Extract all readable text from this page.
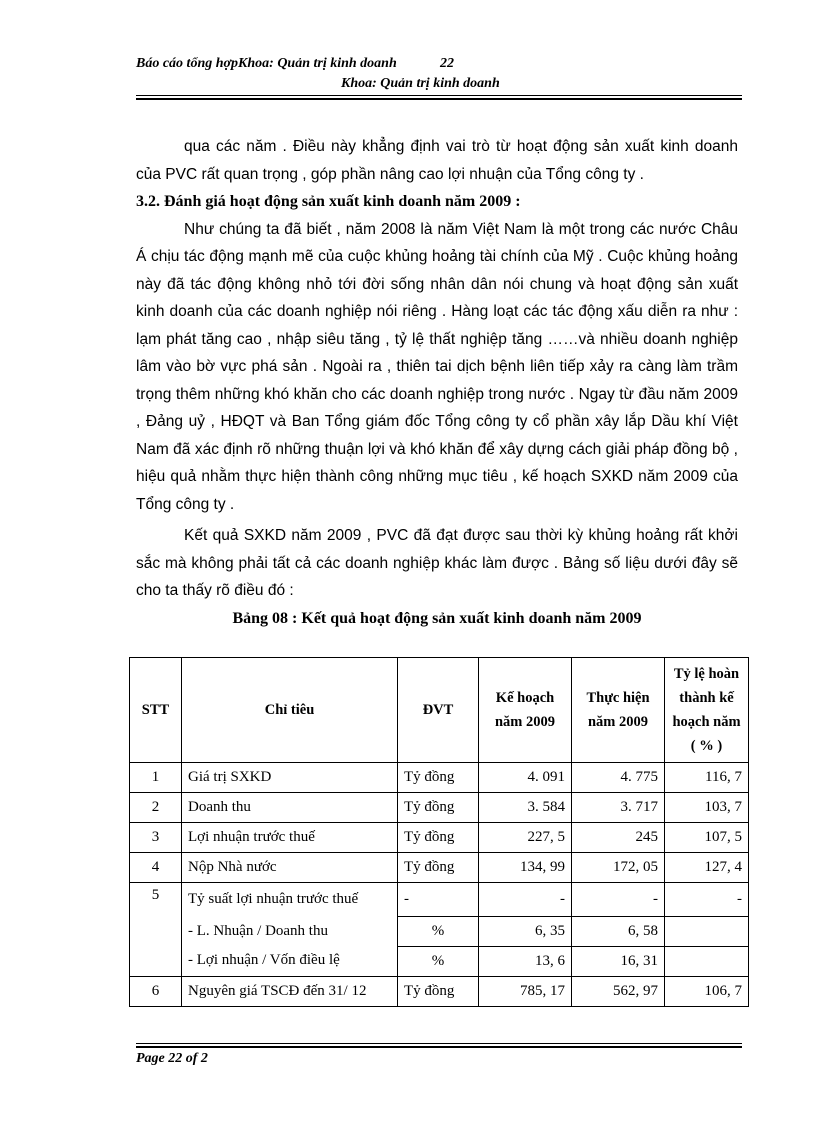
Báo cáo tổng hợpKhoa: Quản trị kinh doanh	22
Khoa: Quản trị kinh doanh

qua các năm . Điều này khẳng định vai trò từ hoạt động sản xuất kinh doanh của PVC rất quan trọng , góp phần nâng cao lợi nhuận của Tổng công ty .

3.2. Đánh giá hoạt động sản xuất kinh doanh năm 2009 :

Như chúng ta đã biết , năm 2008 là năm Việt Nam là một trong các nước Châu Á chịu tác động mạnh mẽ của cuộc khủng hoảng tài chính của Mỹ . Cuộc khủng hoảng này đã tác động không nhỏ tới đời sống nhân dân nói chung và hoạt động sản xuất kinh doanh của các doanh nghiệp nói riêng . Hàng loạt các tác động xấu diễn ra như : lạm phát tăng cao , nhập siêu tăng , tỷ lệ thất nghiệp tăng ……và nhiều doanh nghiệp lâm vào bờ vực phá sản . Ngoài ra , thiên tai dịch bệnh liên tiếp xảy ra càng làm trầm trọng thêm những khó khăn cho các doanh nghiệp trong nước . Ngay từ đầu năm 2009 , Đảng uỷ , HĐQT và Ban Tổng giám đốc Tổng công ty cổ phần xây lắp Dầu khí Việt Nam đã xác định rõ những thuận lợi và khó khăn để xây dựng cách giải pháp đồng bộ , hiệu quả nhằm thực hiện thành công những mục tiêu , kế hoạch SXKD năm 2009 của Tổng công ty .

Kết quả SXKD năm 2009 , PVC đã đạt được sau thời kỳ khủng hoảng rất khởi sắc mà không phải tất cả các doanh nghiệp khác làm được . Bảng số liệu dưới đây sẽ cho ta thấy rõ điều đó :

Bảng 08 : Kết quả hoạt động sản xuất kinh doanh năm 2009

STT	Chỉ tiêu	ĐVT	Kế hoạch năm 2009	Thực hiện năm 2009	Tỷ lệ hoàn thành kế hoạch năm ( % )
1	Giá trị SXKD	Tỷ đồng	4. 091	4. 775	116, 7
2	Doanh thu	Tỷ đồng	3. 584	3. 717	103, 7
3	Lợi nhuận trước thuế	Tỷ đồng	227, 5	245	107, 5
4	Nộp Nhà nước	Tỷ đồng	134, 99	172, 05	127, 4
5	Tỷ suất lợi nhuận trước thuế	-	-	-	-
	- L. Nhuận / Doanh thu	%	6, 35	6, 58	
	- Lợi nhuận / Vốn điều lệ	%	13, 6	16, 31	
6	Nguyên giá TSCĐ đến 31/ 12	Tỷ đồng	785, 17	562, 97	106, 7
Page 22 of 2
